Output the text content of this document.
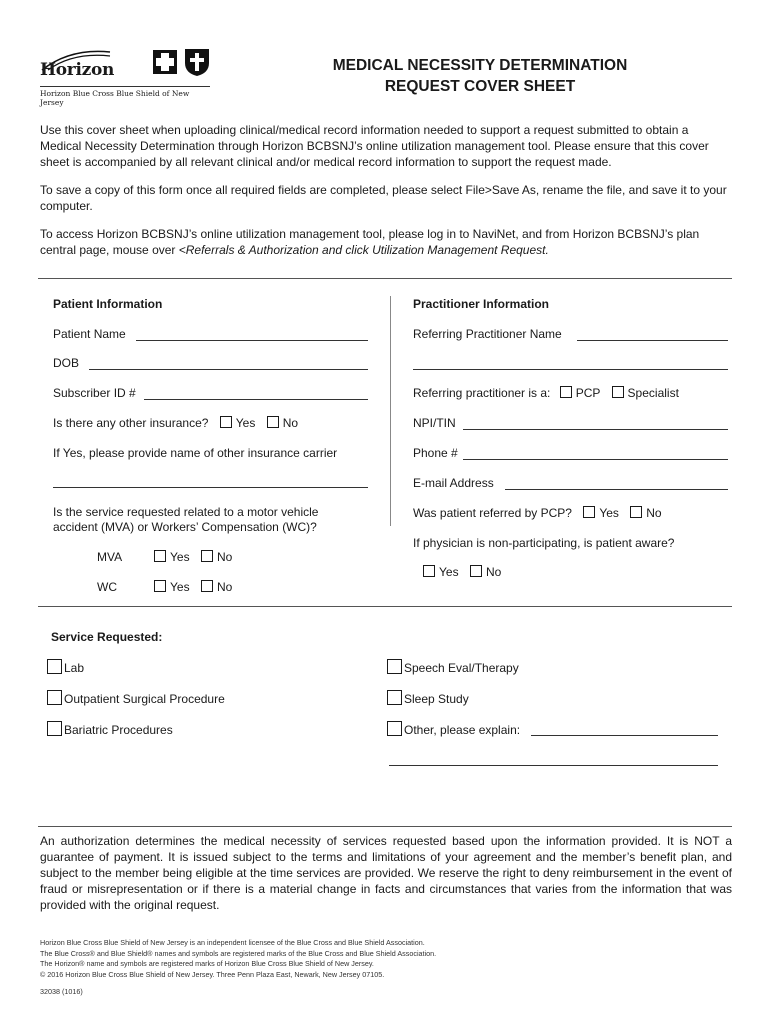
Horizon
Horizon Blue Cross Blue Shield of New Jersey
MEDICAL NECESSITY DETERMINATION
REQUEST COVER SHEET
Use this cover sheet when uploading clinical/medical record information needed to support a request submitted to obtain a Medical Necessity Determination through Horizon BCBSNJ’s online utilization management tool. Please ensure that this cover sheet is accompanied by all relevant clinical and/or medical record information to support the request made.
To save a copy of this form once all required fields are completed, please select File>Save As, rename the file, and save it to your computer.
To access Horizon BCBSNJ’s online utilization management tool, please log in to NaviNet, and from Horizon BCBSNJ’s plan central page, mouse over <Referrals & Authorization and click Utilization Management Request.
Patient Information
Patient Name
DOB
Subscriber ID #
Is there any other insurance? Yes No
If Yes, please provide name of other insurance carrier
Is the service requested related to a motor vehicle
accident (MVA) or Workers’ Compensation (WC)?
MVA	Yes	No
WC	Yes	No
Practitioner Information
Referring Practitioner Name
Referring practitioner is a: PCP Specialist
NPI/TIN
Phone #
E-mail Address
Was patient referred by PCP? Yes No
If physician is non-participating, is patient aware?
Yes	No
Service Requested:
Lab
Outpatient Surgical Procedure
Bariatric Procedures
Speech Eval/Therapy
Sleep Study
Other, please explain:
An authorization determines the medical necessity of services requested based upon the information provided. It is NOT a guarantee of payment. It is issued subject to the terms and limitations of your agreement and the member’s benefit plan, and subject to the member being eligible at the time services are provided. We reserve the right to deny reimbursement in the event of fraud or misrepresentation or if there is a material change in facts and circumstances that varies from the information that was provided with the original request.
Horizon Blue Cross Blue Shield of New Jersey is an independent licensee of the Blue Cross and Blue Shield Association.
The Blue Cross® and Blue Shield® names and symbols are registered marks of the Blue Cross and Blue Shield Association.
The Horizon® name and symbols are registered marks of Horizon Blue Cross Blue Shield of New Jersey.
© 2016 Horizon Blue Cross Blue Shield of New Jersey. Three Penn Plaza East, Newark, New Jersey 07105.
32038 (1016)
